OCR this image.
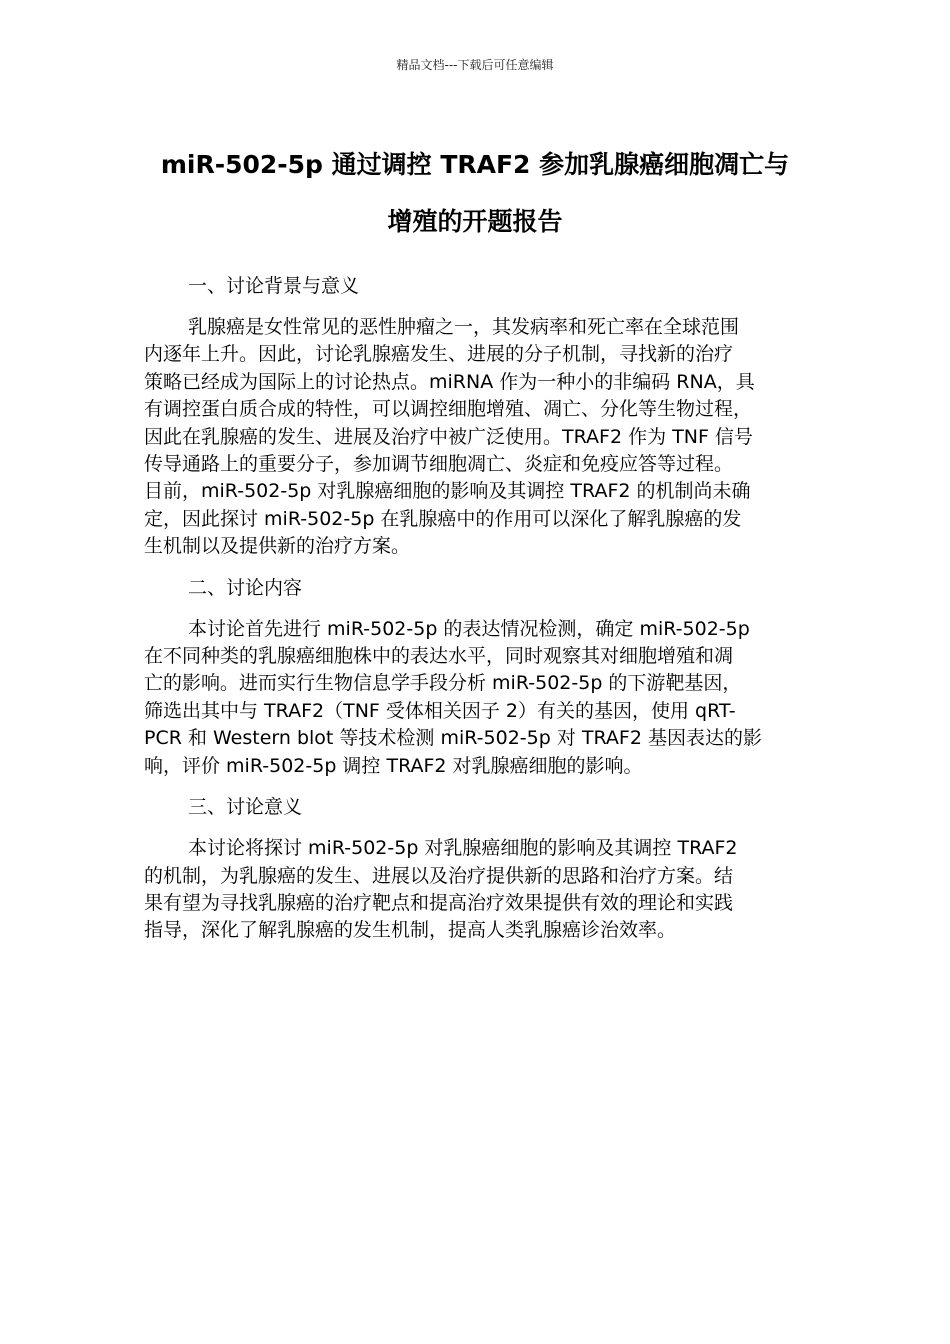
精品文档---下载后可任意编辑
miR-502-5p 通过调控 TRAF2 参加乳腺癌细胞凋亡与
增殖的开题报告
一、讨论背景与意义

乳腺癌是女性常见的恶性肿瘤之一，其发病率和死亡率在全球范围
内逐年上升。因此，讨论乳腺癌发生、进展的分子机制，寻找新的治疗
策略已经成为国际上的讨论热点。miRNA 作为一种小的非编码 RNA，具
有调控蛋白质合成的特性，可以调控细胞增殖、凋亡、分化等生物过程，
因此在乳腺癌的发生、进展及治疗中被广泛使用。TRAF2 作为 TNF 信号
传导通路上的重要分子，参加调节细胞凋亡、炎症和免疫应答等过程。
目前，miR-502-5p 对乳腺癌细胞的影响及其调控 TRAF2 的机制尚未确
定，因此探讨 miR-502-5p 在乳腺癌中的作用可以深化了解乳腺癌的发
生机制以及提供新的治疗方案。

二、讨论内容

本讨论首先进行 miR-502-5p 的表达情况检测，确定 miR-502-5p
在不同种类的乳腺癌细胞株中的表达水平，同时观察其对细胞增殖和凋
亡的影响。进而实行生物信息学手段分析 miR-502-5p 的下游靶基因，
筛选出其中与 TRAF2（TNF 受体相关因子 2）有关的基因，使用 qRT-
PCR 和 Western blot 等技术检测 miR-502-5p 对 TRAF2 基因表达的影
响，评价 miR-502-5p 调控 TRAF2 对乳腺癌细胞的影响。

三、讨论意义

本讨论将探讨 miR-502-5p 对乳腺癌细胞的影响及其调控 TRAF2
的机制，为乳腺癌的发生、进展以及治疗提供新的思路和治疗方案。结
果有望为寻找乳腺癌的治疗靶点和提高治疗效果提供有效的理论和实践
指导，深化了解乳腺癌的发生机制，提高人类乳腺癌诊治效率。
